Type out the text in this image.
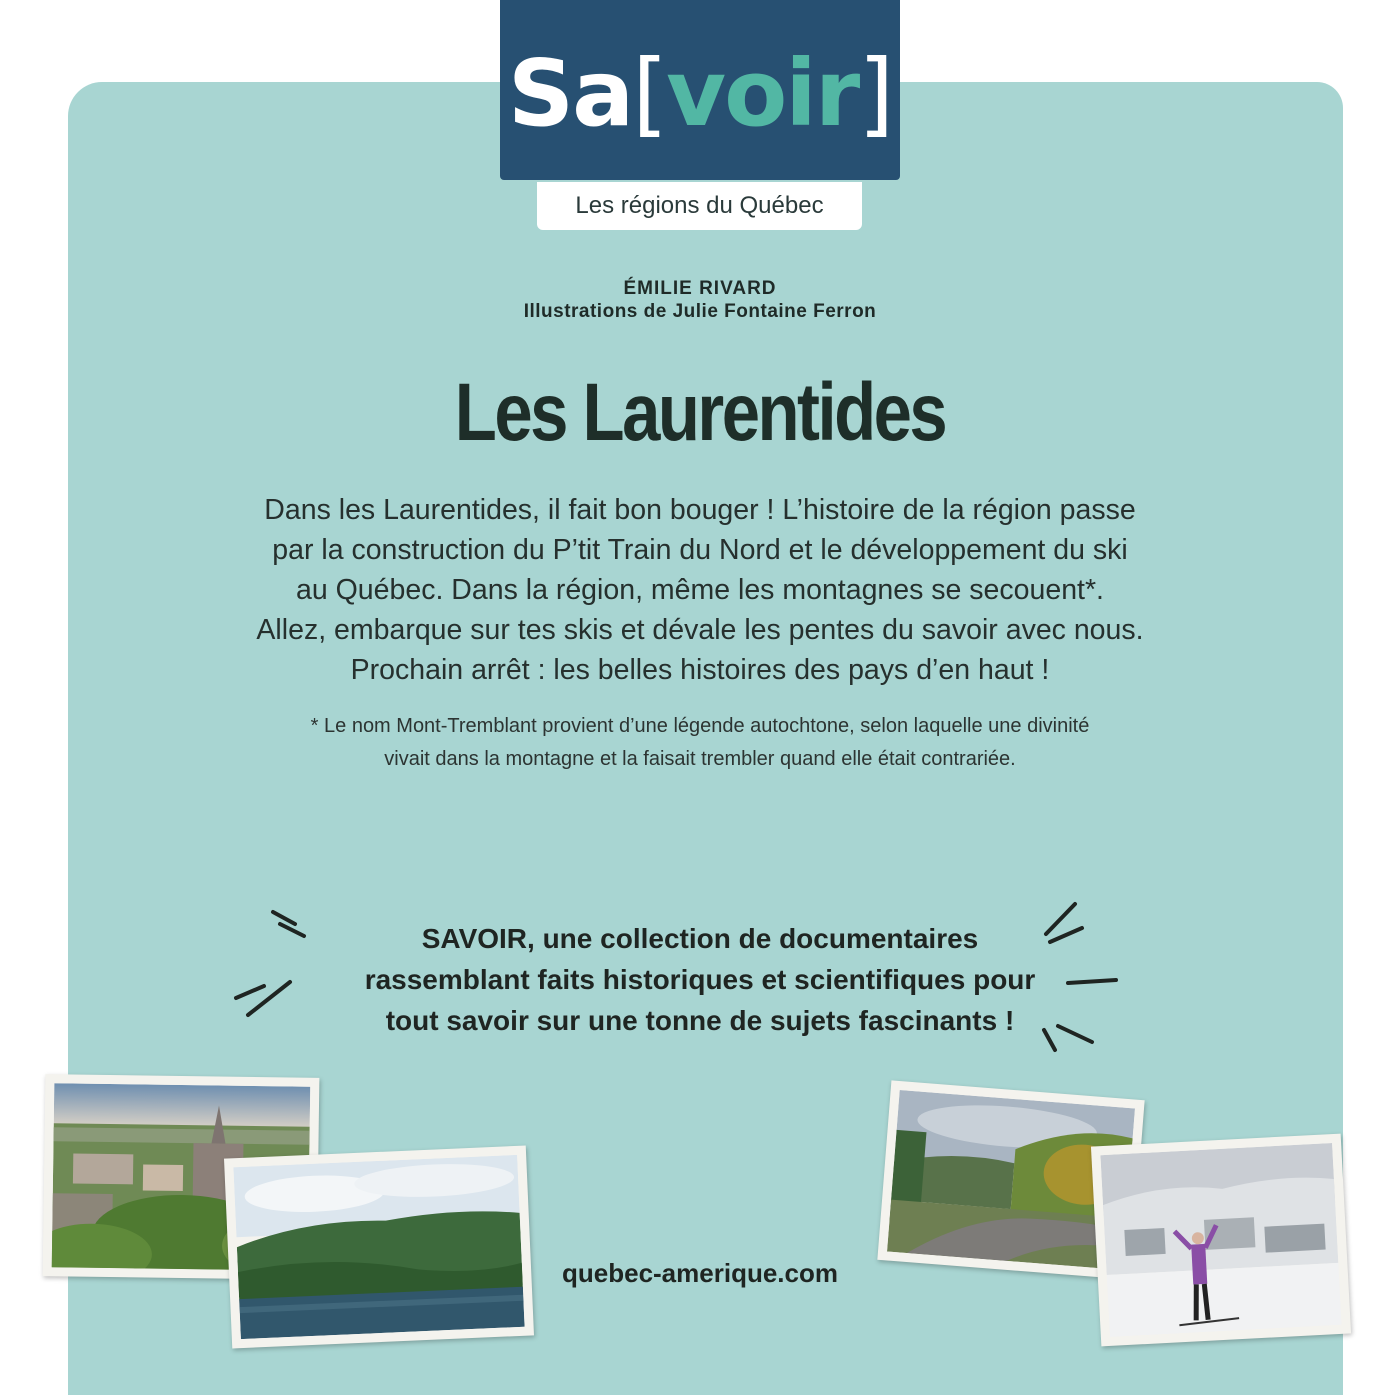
Sa[voir]
Les régions du Québec
ÉMILIE RIVARD
Illustrations de Julie Fontaine Ferron
Les Laurentides
Dans les Laurentides, il fait bon bouger ! L’histoire de la région passe
par la construction du P’tit Train du Nord et le développement du ski
au Québec. Dans la région, même les montagnes se secouent*.
Allez, embarque sur tes skis et dévale les pentes du savoir avec nous.
Prochain arrêt : les belles histoires des pays d’en haut !
* Le nom Mont-Tremblant provient d’une légende autochtone, selon laquelle une divinité
vivait dans la montagne et la faisait trembler quand elle était contrariée.
SAVOIR, une collection de documentaires
rassemblant faits historiques et scientifiques pour
tout savoir sur une tonne de sujets fascinants !
quebec-amerique.com
